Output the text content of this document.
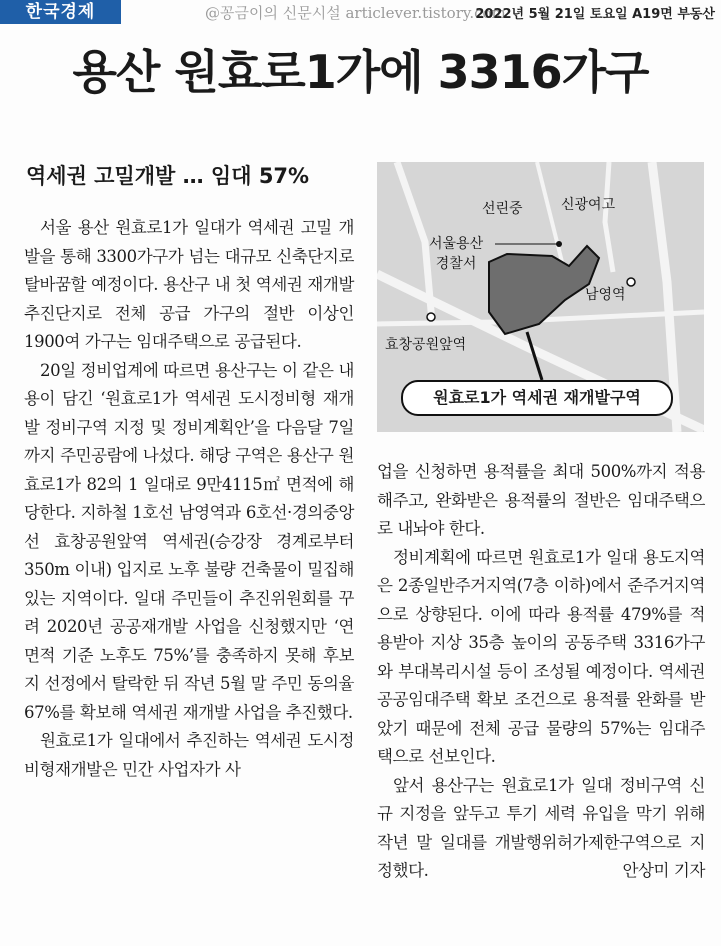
한국경제	@꽁금이의 신문시설 articlever.tistory.com
2022년 5월 21일 토요일 A19면 부동산
용산 원효로1가에 3316가구
역세권 고밀개발 … 임대 57%

서울 용산 원효로1가 일대가 역세권 고밀 개발을 통해 3300가구가 넘는 대규모 신축단지로 탈바꿈할 예정이다. 용산구 내 첫 역세권 재개발 추진단지로 전체 공급 가구의 절반 이상인 1900여 가구는 임대주택으로 공급된다.

20일 정비업계에 따르면 용산구는 이 같은 내용이 담긴 ‘원효로1가 역세권 도시정비형 재개발 정비구역 지정 및 정비계획안’을 다음달 7일까지 주민공람에 나섰다. 해당 구역은 용산구 원효로1가 82의 1 일대로 9만4115㎡ 면적에 해당한다. 지하철 1호선 남영역과 6호선·경의중앙선 효창공원앞역 역세권(승강장 경계로부터 350m 이내) 입지로 노후 불량 건축물이 밀집해 있는 지역이다. 일대 주민들이 추진위원회를 꾸려 2020년 공공재개발 사업을 신청했지만 ‘연면적 기준 노후도 75%’를 충족하지 못해 후보지 선정에서 탈락한 뒤 작년 5월 말 주민 동의율 67%를 확보해 역세권 재개발 사업을 추진했다.

원효로1가 일대에서 추진하는 역세권 도시정비형재개발은 민간 사업자가 사

선린중	신광여고
서울용산
경찰서
남영역
효창공원앞역
원효로1가 역세권 재개발구역

업을 신청하면 용적률을 최대 500%까지 적용해주고, 완화받은 용적률의 절반은 임대주택으로 내놔야 한다.

정비계획에 따르면 원효로1가 일대 용도지역은 2종일반주거지역(7층 이하)에서 준주거지역으로 상향된다. 이에 따라 용적률 479%를 적용받아 지상 35층 높이의 공동주택 3316가구와 부대복리시설 등이 조성될 예정이다. 역세권 공공임대주택 확보 조건으로 용적률 완화를 받았기 때문에 전체 공급 물량의 57%는 임대주택으로 선보인다.

앞서 용산구는 원효로1가 일대 정비구역 신규 지정을 앞두고 투기 세력 유입을 막기 위해 작년 말 일대를 개발행위허가제한구역으로 지정했다.	안상미 기자
